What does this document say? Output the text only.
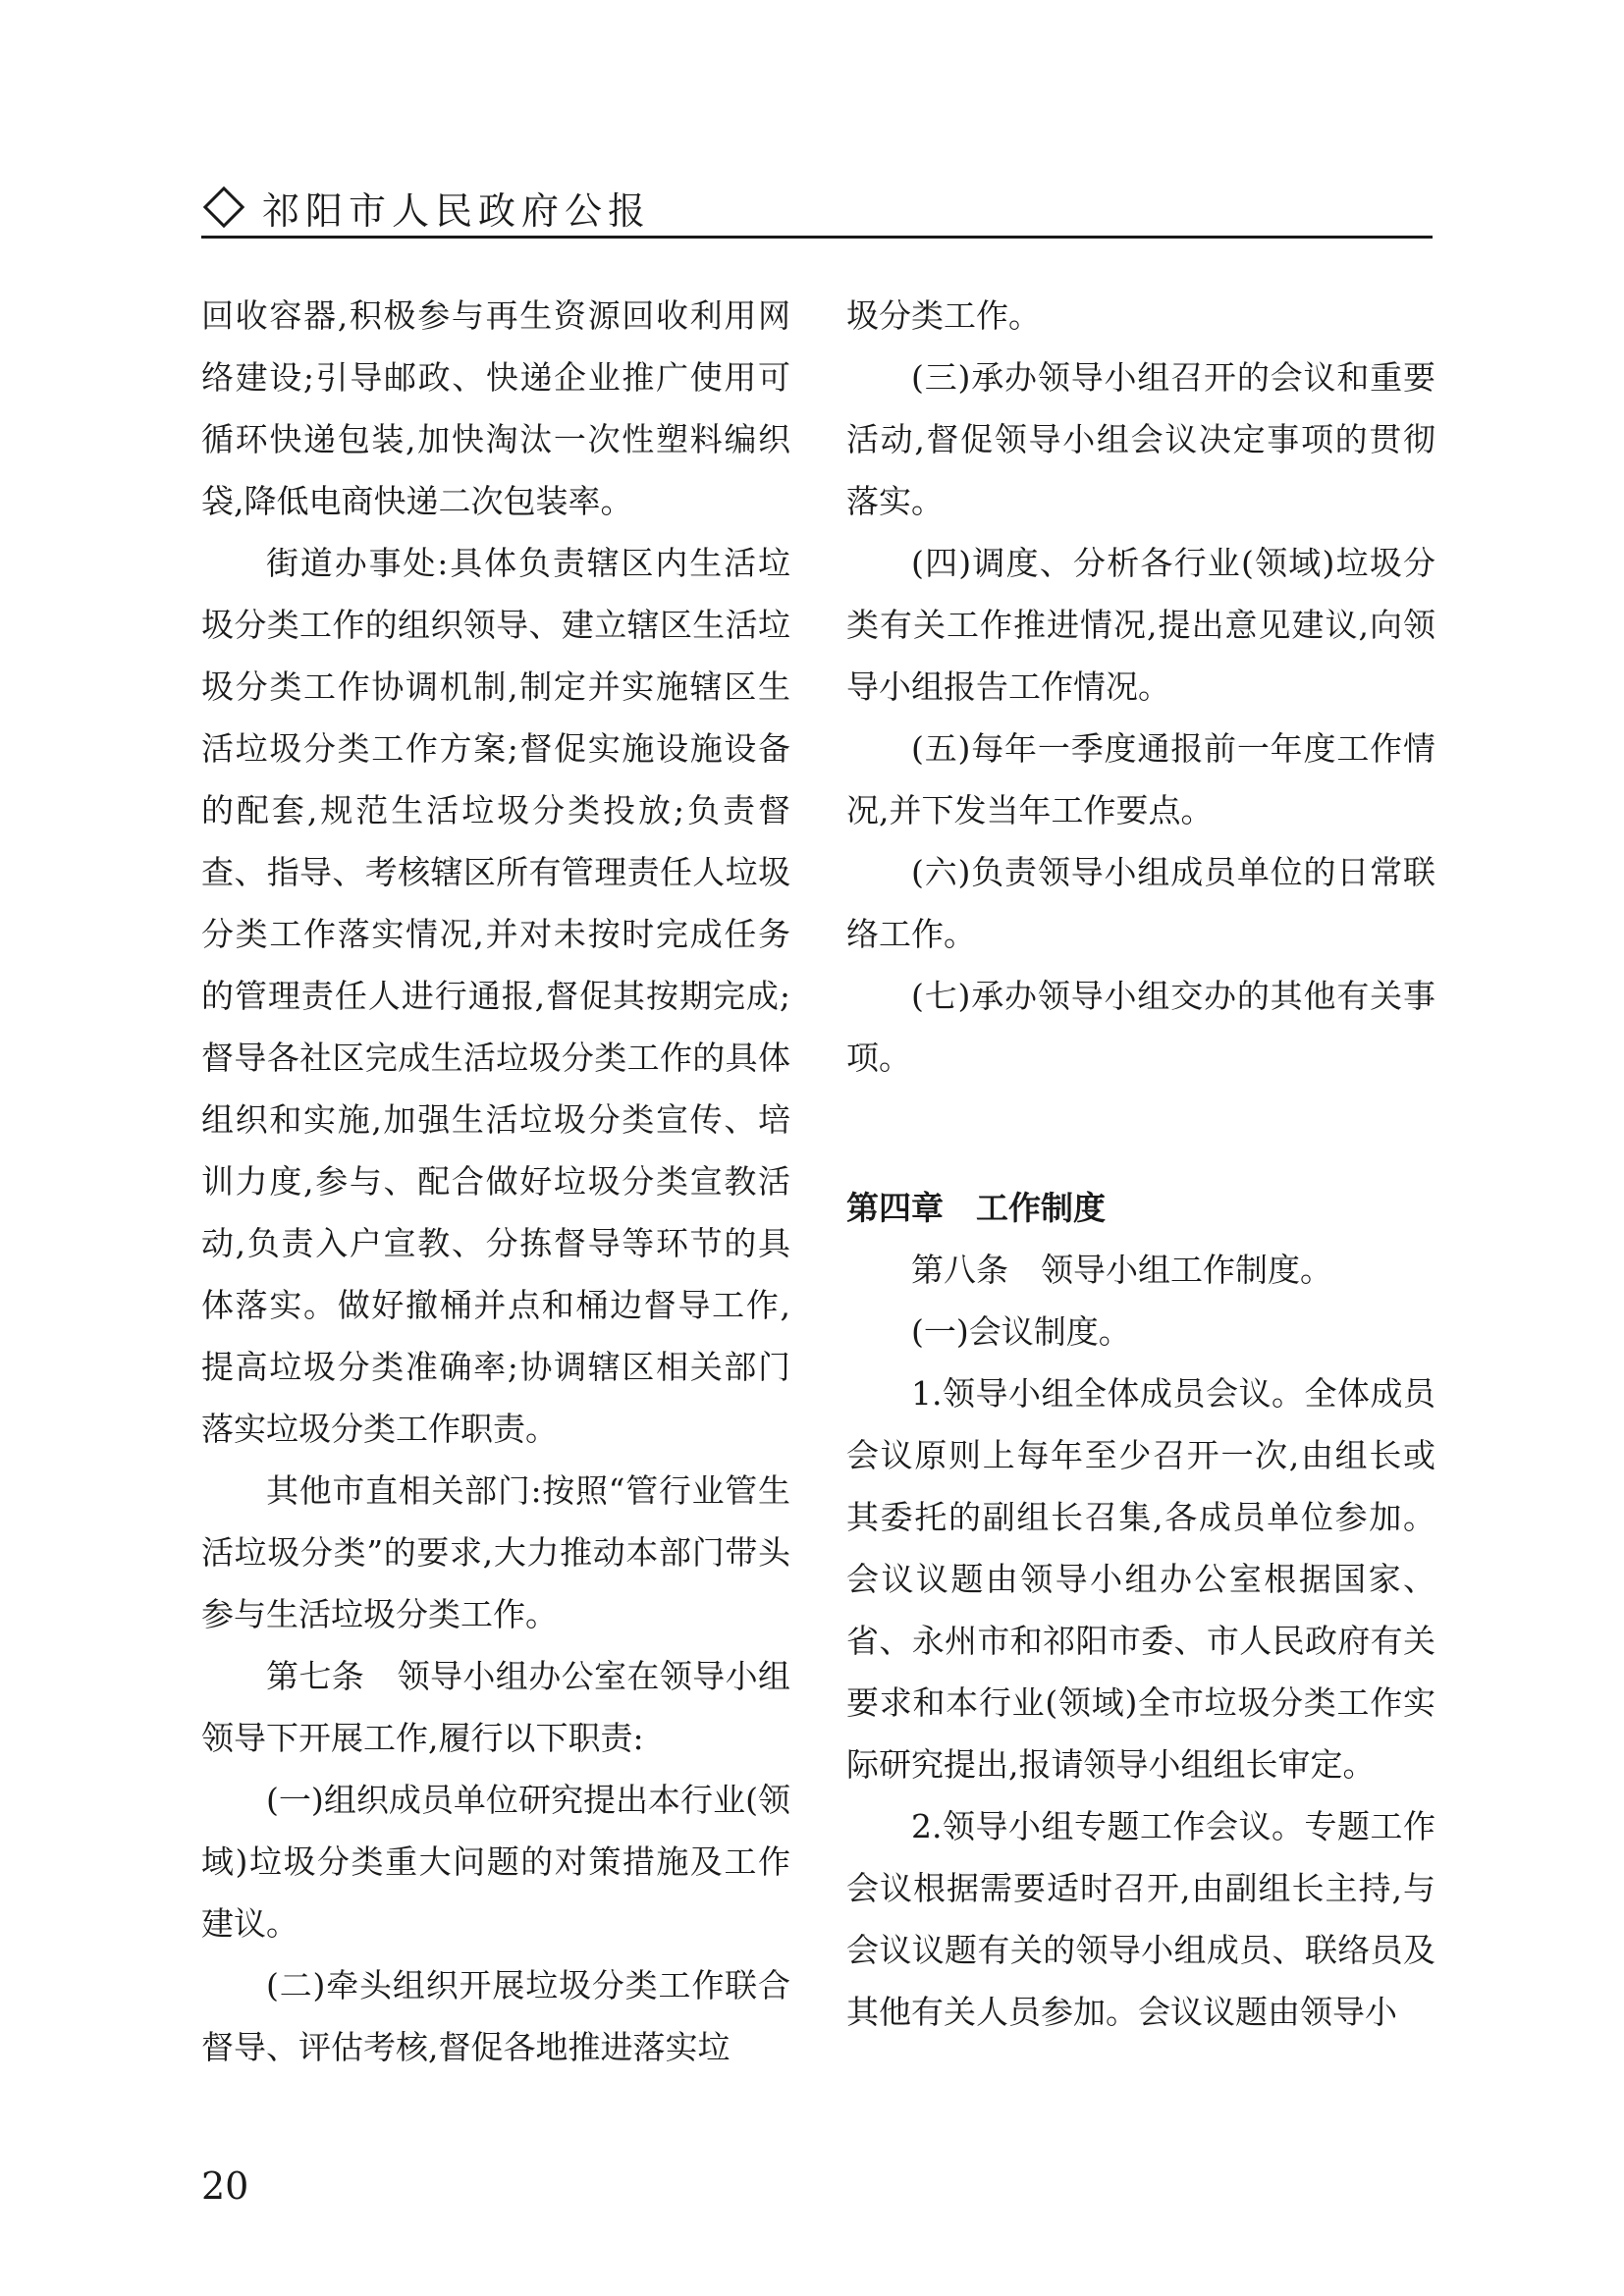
祁阳市人民政府公报

回收容器,积极参与再生资源回收利用网络建设;引导邮政、快递企业推广使用可循环快递包装,加快淘汰一次性塑料编织袋,降低电商快递二次包装率。

街道办事处:具体负责辖区内生活垃圾分类工作的组织领导、建立辖区生活垃圾分类工作协调机制,制定并实施辖区生活垃圾分类工作方案;督促实施设施设备的配套,规范生活垃圾分类投放;负责督查、指导、考核辖区所有管理责任人垃圾分类工作落实情况,并对未按时完成任务的管理责任人进行通报,督促其按期完成;督导各社区完成生活垃圾分类工作的具体组织和实施,加强生活垃圾分类宣传、培训力度,参与、配合做好垃圾分类宣教活动,负责入户宣教、分拣督导等环节的具体落实。做好撤桶并点和桶边督导工作,提高垃圾分类准确率;协调辖区相关部门落实垃圾分类工作职责。

其他市直相关部门:按照“管行业管生活垃圾分类”的要求,大力推动本部门带头参与生活垃圾分类工作。

第七条　领导小组办公室在领导小组领导下开展工作,履行以下职责:

(一)组织成员单位研究提出本行业(领域)垃圾分类重大问题的对策措施及工作建议。

(二)牵头组织开展垃圾分类工作联合督导、评估考核,督促各地推进落实垃

圾分类工作。

(三)承办领导小组召开的会议和重要活动,督促领导小组会议决定事项的贯彻落实。

(四)调度、分析各行业(领域)垃圾分类有关工作推进情况,提出意见建议,向领导小组报告工作情况。

(五)每年一季度通报前一年度工作情况,并下发当年工作要点。

(六)负责领导小组成员单位的日常联络工作。

(七)承办领导小组交办的其他有关事项。

第四章　工作制度

第八条　领导小组工作制度。

(一)会议制度。

1.领导小组全体成员会议。全体成员会议原则上每年至少召开一次,由组长或其委托的副组长召集,各成员单位参加。会议议题由领导小组办公室根据国家、省、永州市和祁阳市委、市人民政府有关要求和本行业(领域)全市垃圾分类工作实际研究提出,报请领导小组组长审定。

2.领导小组专题工作会议。专题工作会议根据需要适时召开,由副组长主持,与会议议题有关的领导小组成员、联络员及其他有关人员参加。会议议题由领导小

20
